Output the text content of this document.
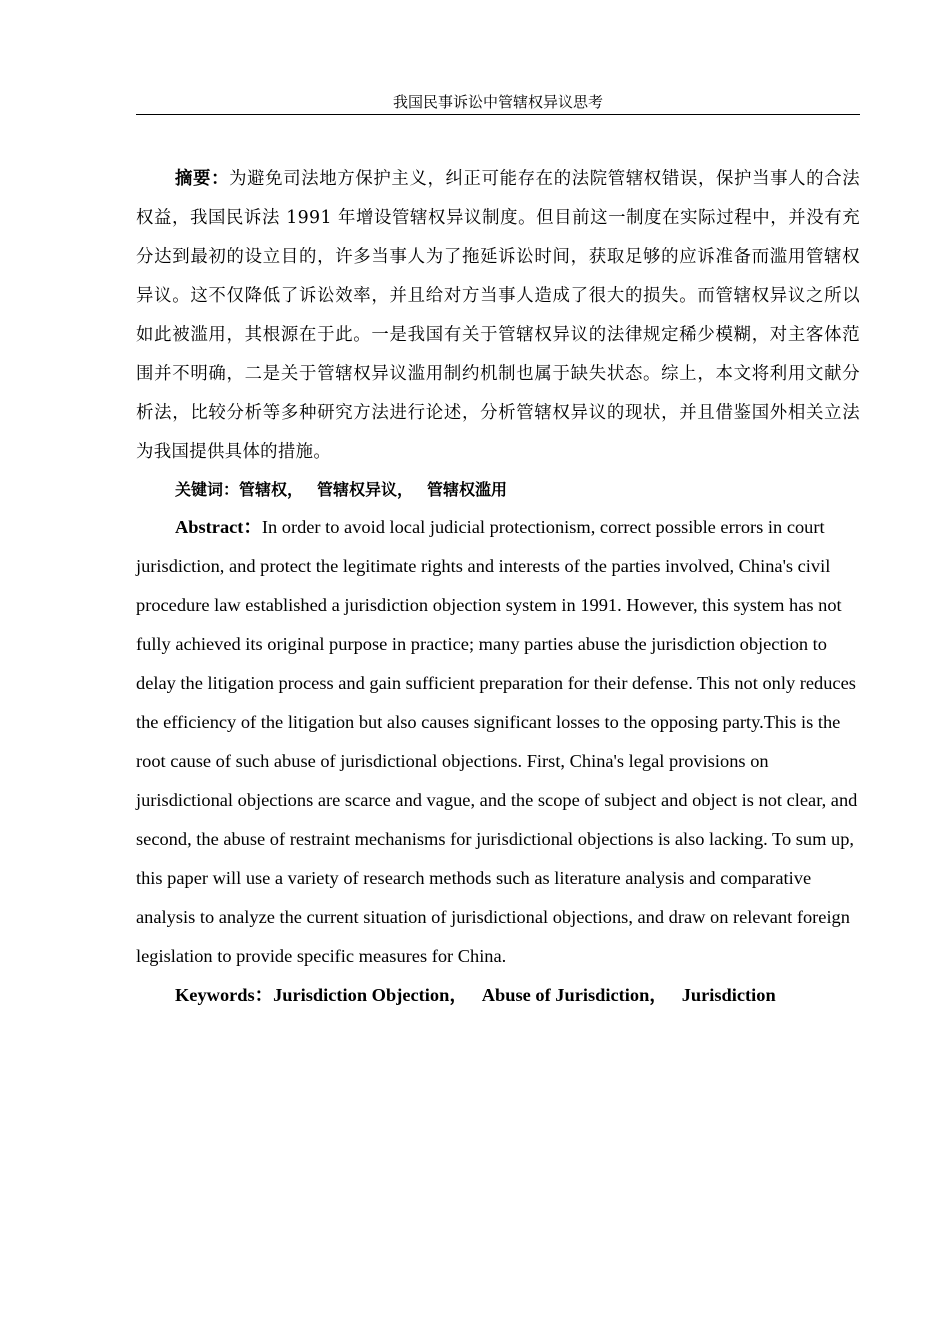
我国民事诉讼中管辖权异议思考

摘要：为避免司法地方保护主义，纠正可能存在的法院管辖权错误，保护当事人的合法权益，我国民诉法 1991 年增设管辖权异议制度。但目前这一制度在实际过程中，并没有充分达到最初的设立目的，许多当事人为了拖延诉讼时间，获取足够的应诉准备而滥用管辖权异议。这不仅降低了诉讼效率，并且给对方当事人造成了很大的损失。而管辖权异议之所以如此被滥用，其根源在于此。一是我国有关于管辖权异议的法律规定稀少模糊，对主客体范围并不明确，二是关于管辖权异议滥用制约机制也属于缺失状态。综上，本文将利用文献分析法，比较分析等多种研究方法进行论述，分析管辖权异议的现状，并且借鉴国外相关立法为我国提供具体的措施。

关键词：管辖权， 管辖权异议， 管辖权滥用

Abstract：In order to avoid local judicial protectionism, correct possible errors in court jurisdiction, and protect the legitimate rights and interests of the parties involved, China's civil procedure law established a jurisdiction objection system in 1991. However, this system has not fully achieved its original purpose in practice; many parties abuse the jurisdiction objection to delay the litigation process and gain sufficient preparation for their defense. This not only reduces the efficiency of the litigation but also causes significant losses to the opposing party.This is the root cause of such abuse of jurisdictional objections. First, China's legal provisions on jurisdictional objections are scarce and vague, and the scope of subject and object is not clear, and second, the abuse of restraint mechanisms for jurisdictional objections is also lacking. To sum up, this paper will use a variety of research methods such as literature analysis and comparative analysis to analyze the current situation of jurisdictional objections, and draw on relevant foreign legislation to provide specific measures for China.

Keywords：Jurisdiction Objection， Abuse of Jurisdiction， Jurisdiction
